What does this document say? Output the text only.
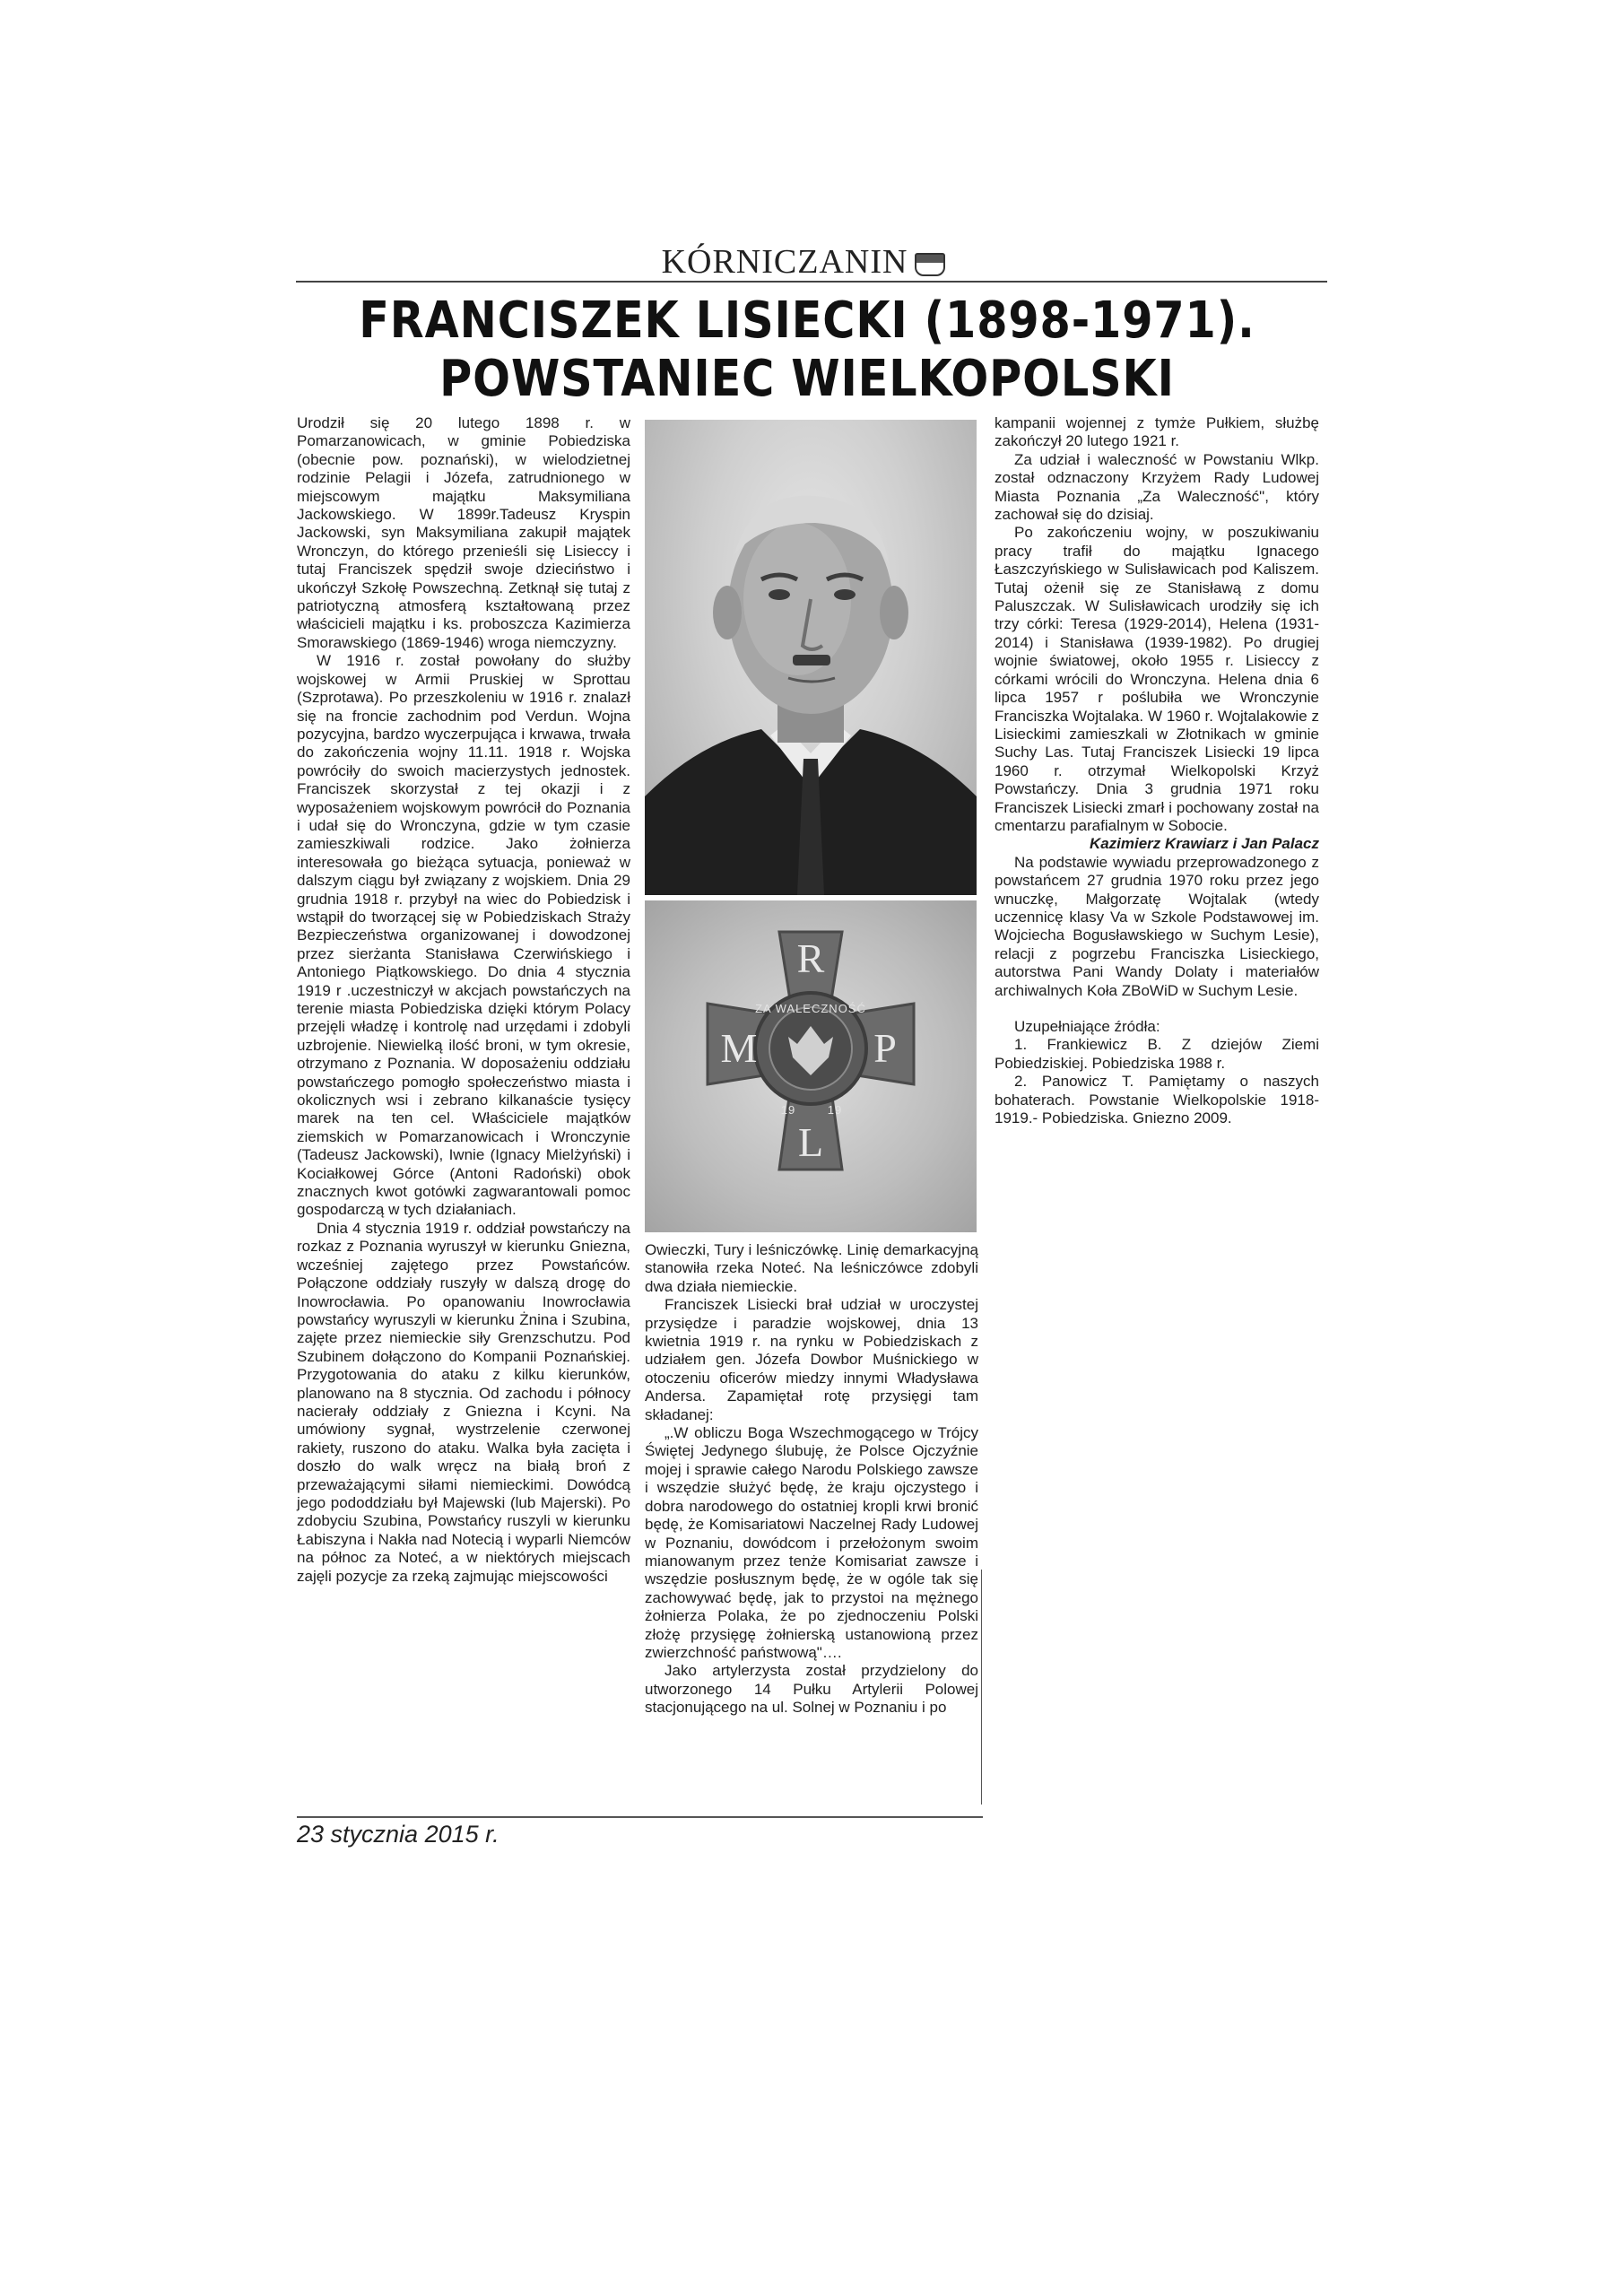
KÓRNICZANIN
FRANCISZEK LISIECKI (1898-1971).
POWSTANIEC WIELKOPOLSKI

Urodził się 20 lutego 1898 r. w Pomarzanowicach, w gminie Pobiedziska (obecnie pow. poznański), w wielodzietnej rodzinie Pelagii i Józefa, zatrudnionego w miejscowym majątku Maksymiliana Jackowskiego. W 1899r.Tadeusz Kryspin Jackowski, syn Maksymiliana zakupił majątek Wronczyn, do którego przenieśli się Lisieccy i tutaj Franciszek spędził swoje dzieciństwo i ukończył Szkołę Powszechną. Zetknął się tutaj z patriotyczną atmosferą kształtowaną przez właścicieli majątku i ks. proboszcza Kazimierza Smorawskiego (1869-1946) wroga niemczyzny.

W 1916 r. został powołany do służby wojskowej w Armii Pruskiej w Sprottau (Szprotawa). Po przeszkoleniu w 1916 r. znalazł się na froncie zachodnim pod Verdun. Wojna pozycyjna, bardzo wyczerpująca i krwawa, trwała do zakończenia wojny 11.11. 1918 r. Wojska powróciły do swoich macierzystych jednostek. Franciszek skorzystał z tej okazji i z wyposażeniem wojskowym powrócił do Poznania i udał się do Wronczyna, gdzie w tym czasie zamieszkiwali rodzice. Jako żołnierza interesowała go bieżąca sytuacja, ponieważ w dalszym ciągu był związany z wojskiem. Dnia 29 grudnia 1918 r. przybył na wiec do Pobiedzisk i wstąpił do tworzącej się w Pobiedziskach Straży Bezpieczeństwa organizowanej i dowodzonej przez sierżanta Stanisława Czerwińskiego i Antoniego Piątkowskiego. Do dnia 4 stycznia 1919 r .uczestniczył w akcjach powstańczych na terenie miasta Pobiedziska dzięki którym Polacy przejęli władzę i kontrolę nad urzędami i zdobyli uzbrojenie. Niewielką ilość broni, w tym okresie, otrzymano z Poznania. W doposażeniu oddziału powstańczego pomogło społeczeństwo miasta i okolicznych wsi i zebrano kilkanaście tysięcy marek na ten cel. Właściciele majątków ziemskich w Pomarzanowicach i Wronczynie (Tadeusz Jackowski), Iwnie (Ignacy Mielżyński) i Kociałkowej Górce (Antoni Radoński) obok znacznych kwot gotówki zagwarantowali pomoc gospodarczą w tych działaniach.

Dnia 4 stycznia 1919 r. oddział powstańczy na rozkaz z Poznania wyruszył w kierunku Gniezna, wcześniej zajętego przez Powstańców. Połączone oddziały ruszyły w dalszą drogę do Inowrocławia. Po opanowaniu Inowrocławia powstańcy wyruszyli w kierunku Żnina i Szubina, zajęte przez niemieckie siły Grenzschutzu. Pod Szubinem dołączono do Kompanii Poznańskiej. Przygotowania do ataku z kilku kierunków, planowano na 8 stycznia. Od zachodu i północy nacierały oddziały z Gniezna i Kcyni. Na umówiony sygnał, wystrzelenie czerwonej rakiety, ruszono do ataku. Walka była zacięta i doszło do walk wręcz na białą broń z przeważającymi siłami niemieckimi. Dowódcą jego pododdziału był Majewski (lub Majerski). Po zdobyciu Szubina, Powstańcy ruszyli w kierunku Łabiszyna i Nakła nad Notecią i wyparli Niemców na północ za Noteć, a w niektórych miejscach zajęli pozycje za rzeką zajmując miejscowości

ZA WALECZNOŚĆ
R
M	P
L
19	19

Owieczki, Tury i leśniczówkę. Linię demarkacyjną stanowiła rzeka Noteć. Na leśniczówce zdobyli dwa działa niemieckie.

Franciszek Lisiecki brał udział w uroczystej przysiędze i paradzie wojskowej, dnia 13 kwietnia 1919 r. na rynku w Pobiedziskach z udziałem gen. Józefa Dowbor Muśnickiego w otoczeniu oficerów miedzy innymi Władysława Andersa. Zapamiętał rotę przysięgi tam składanej:

„.W obliczu Boga Wszechmogącego w Trójcy Świętej Jedynego ślubuję, że Polsce Ojczyźnie mojej i sprawie całego Narodu Polskiego zawsze i wszędzie służyć będę, że kraju ojczystego i dobra narodowego do ostatniej kropli krwi bronić będę, że Komisariatowi Naczelnej Rady Ludowej w Poznaniu, dowódcom i przełożonym swoim mianowanym przez tenże Komisariat zawsze i wszędzie posłusznym będę, że w ogóle tak się zachowywać będę, jak to przystoi na mężnego żołnierza Polaka, że po zjednoczeniu Polski złożę przysięgę żołnierską ustanowioną przez zwierzchność państwową"….

Jako artylerzysta został przydzielony do utworzonego 14 Pułku Artylerii Polowej stacjonującego na ul. Solnej w Poznaniu i po

kampanii wojennej z tymże Pułkiem, służbę zakończył 20 lutego 1921 r.

Za udział i waleczność w Powstaniu Wlkp. został odznaczony Krzyżem Rady Ludowej Miasta Poznania „Za Waleczność", który zachował się do dzisiaj.

Po zakończeniu wojny, w poszukiwaniu pracy trafił do majątku Ignacego Łaszczyńskiego w Sulisławicach pod Kaliszem. Tutaj ożenił się ze Stanisławą z domu Paluszczak. W Sulisławicach urodziły się ich trzy córki: Teresa (1929-2014), Helena (1931-2014) i Stanisława (1939-1982). Po drugiej wojnie światowej, około 1955 r. Lisieccy z córkami wrócili do Wronczyna. Helena dnia 6 lipca 1957 r poślubiła we Wronczynie Franciszka Wojtalaka. W 1960 r. Wojtalakowie z Lisieckimi zamieszkali w Złotnikach w gminie Suchy Las. Tutaj Franciszek Lisiecki 19 lipca 1960 r. otrzymał Wielkopolski Krzyż Powstańczy. Dnia 3 grudnia 1971 roku Franciszek Lisiecki zmarł i pochowany został na cmentarzu parafialnym w Sobocie.

Kazimierz Krawiarz i Jan Palacz

Na podstawie wywiadu przeprowadzonego z powstańcem 27 grudnia 1970 roku przez jego wnuczkę, Małgorzatę Wojtalak (wtedy uczennicę klasy Va w Szkole Podstawowej im. Wojciecha Bogusławskiego w Suchym Lesie), relacji z pogrzebu Franciszka Lisieckiego, autorstwa Pani Wandy Dolaty i materiałów archiwalnych Koła ZBoWiD w Suchym Lesie.

Uzupełniające źródła:

1. Frankiewicz B. Z dziejów Ziemi Pobiedziskiej. Pobiedziska 1988 r.

2. Panowicz T. Pamiętamy o naszych bohaterach. Powstanie Wielkopolskie 1918-1919.- Pobiedziska. Gniezno 2009.

23 stycznia 2015 r.
